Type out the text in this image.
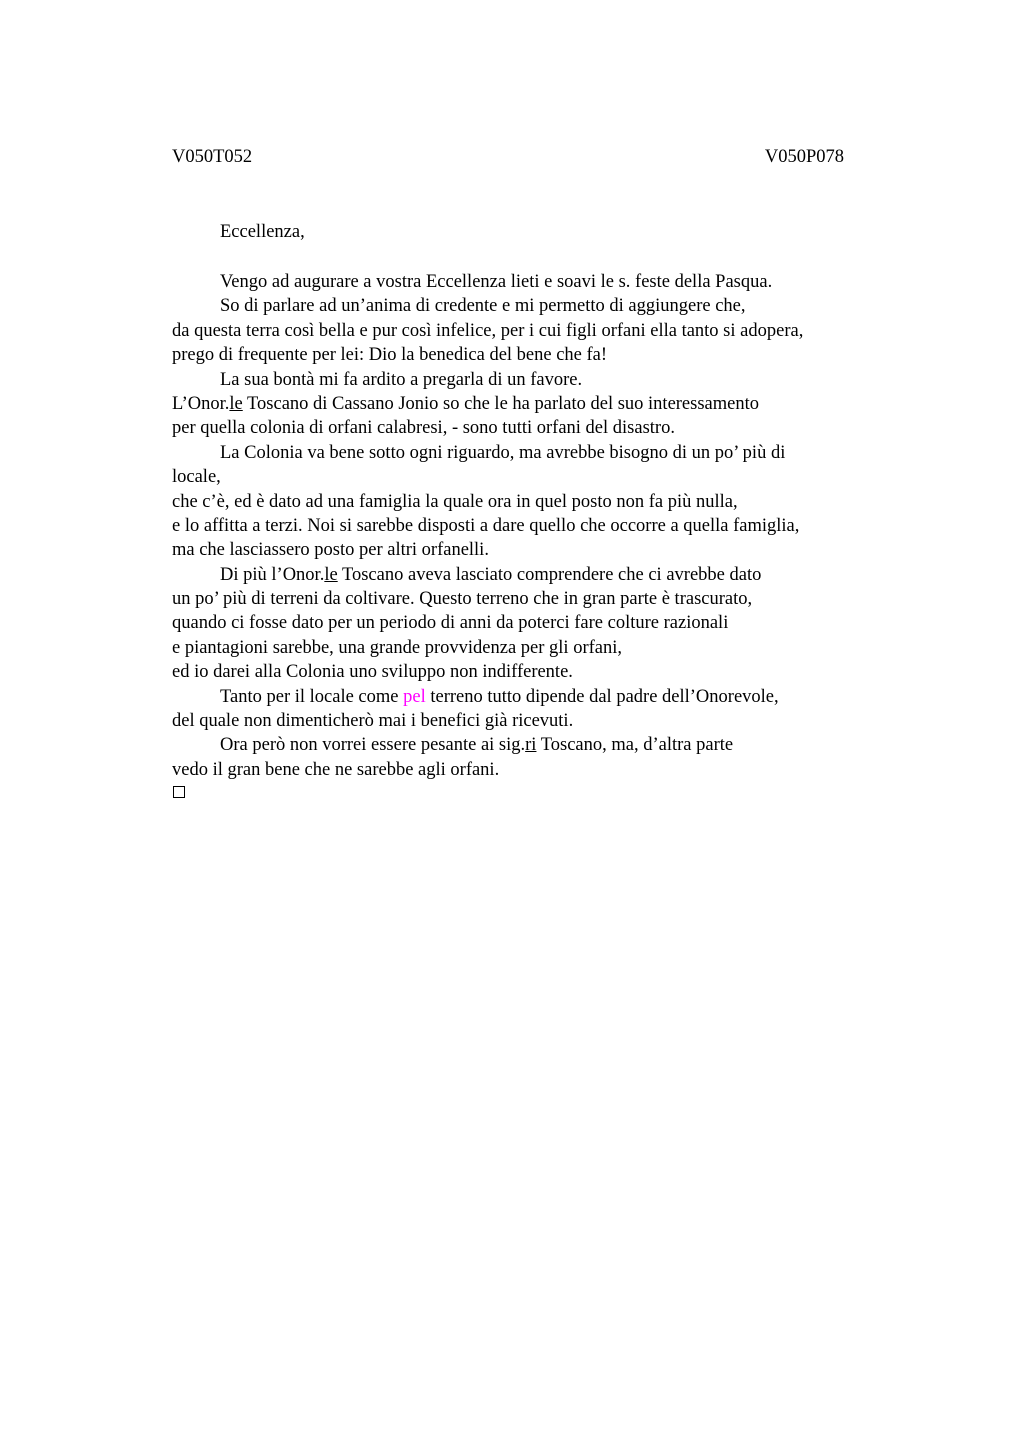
V050T052	V050P078
Eccellenza,
Vengo ad augurare a vostra Eccellenza lieti e soavi le s. feste della Pasqua.
So di parlare ad un’anima di credente e mi permetto di aggiungere che,
da questa terra così bella e pur così infelice, per i cui figli orfani ella tanto si adopera,
prego di frequente per lei: Dio la benedica del bene che fa!
La sua bontà mi fa ardito a pregarla di un favore.
L’Onor.le Toscano di Cassano Jonio so che le ha parlato del suo interessamento
per quella colonia di orfani calabresi, - sono tutti orfani del disastro.
La Colonia va bene sotto ogni riguardo, ma avrebbe bisogno di un po’ più di
locale,
che c’è, ed è dato ad una famiglia la quale ora in quel posto non fa più nulla,
e lo affitta a terzi. Noi si sarebbe disposti a dare quello che occorre a quella famiglia,
ma che lasciassero posto per altri orfanelli.
Di più l’Onor.le Toscano aveva lasciato comprendere che ci avrebbe dato
un po’ più di terreni da coltivare. Questo terreno che in gran parte è trascurato,
quando ci fosse dato per un periodo di anni da poterci fare colture razionali
e piantagioni sarebbe, una grande provvidenza per gli orfani,
ed io darei alla Colonia uno sviluppo non indifferente.
Tanto per il locale come pel terreno tutto dipende dal padre dell’Onorevole,
del quale non dimenticherò mai i benefici già ricevuti.
Ora però non vorrei essere pesante ai sig.ri Toscano, ma, d’altra parte
vedo il gran bene che ne sarebbe agli orfani.
